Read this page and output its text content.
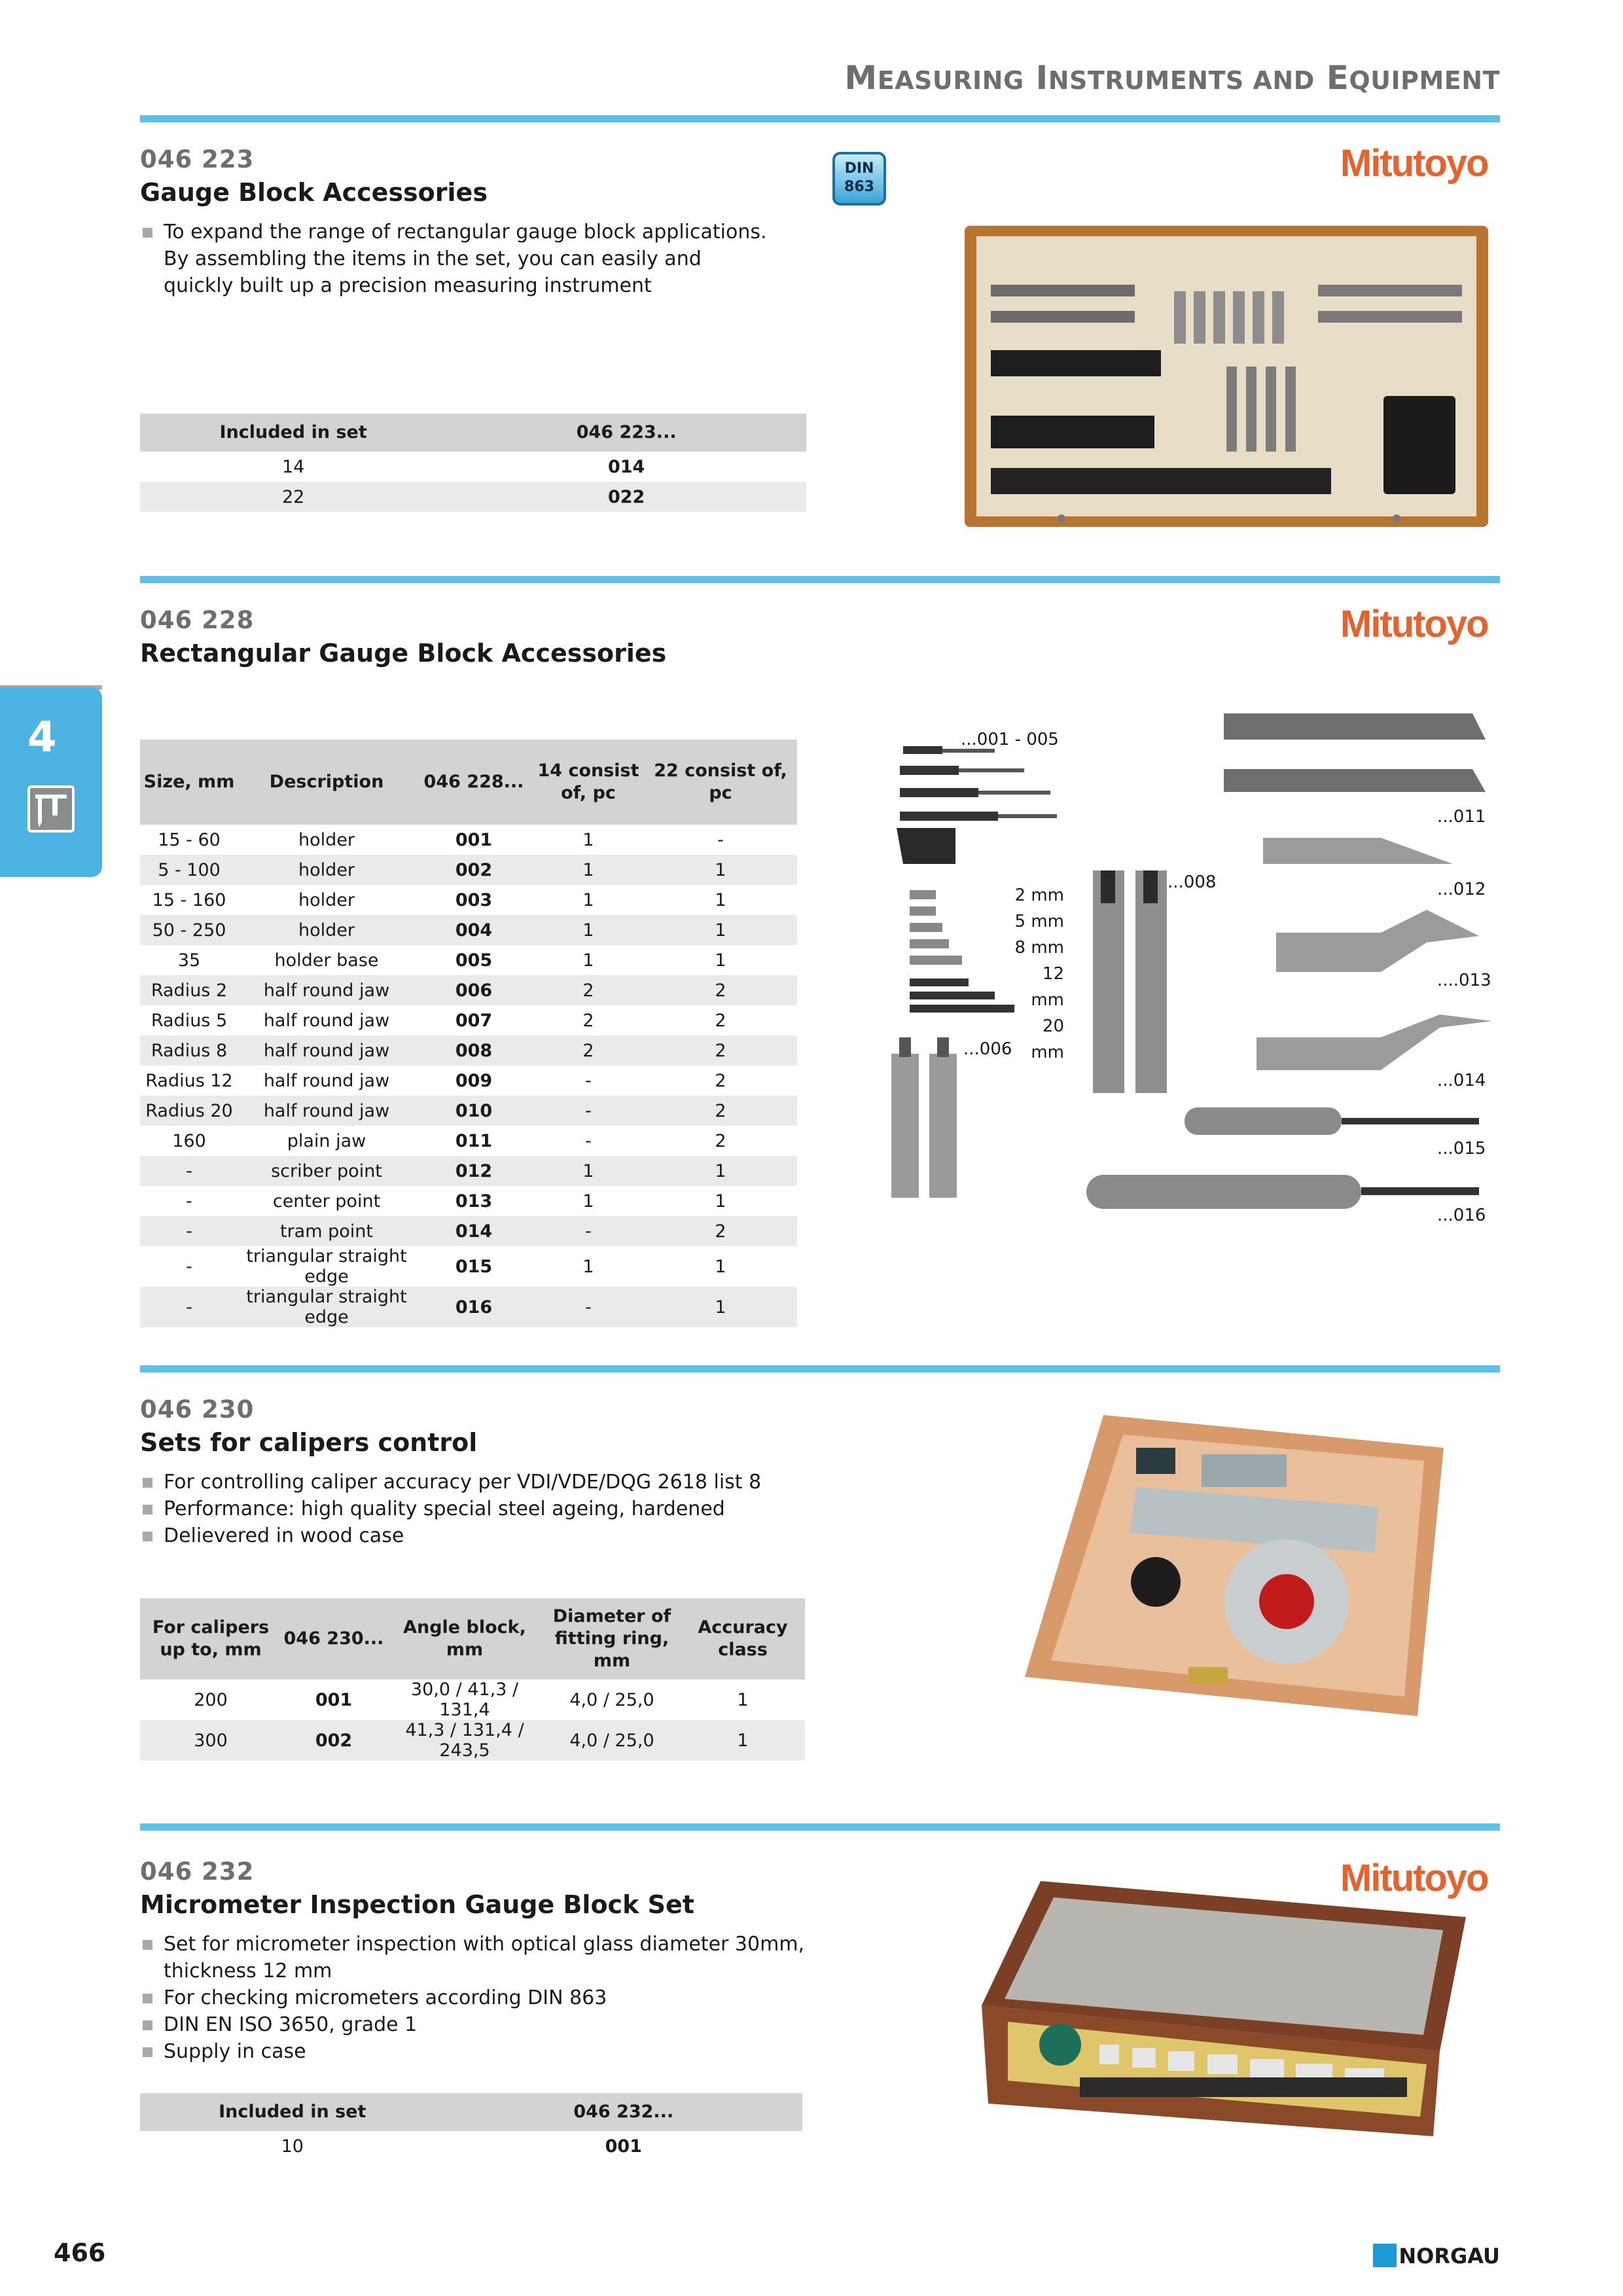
MEASURING INSTRUMENTS AND EQUIPMENT
4
046 223
Gauge Block Accessories
To expand the range of rectangular gauge block applications. By assembling the items in the set, you can easily and quickly built up a precision measuring instrument
DIN
863
Mitutoyo
Included in set	046 223...
14	014
22	022
046 228
Rectangular Gauge Block Accessories
Mitutoyo
Size, mm	Description	046 228...	14 consist of, pc	22 consist of, pc
15 - 60	holder	001	1	-
5 - 100	holder	002	1	1
15 - 160	holder	003	1	1
50 - 250	holder	004	1	1
35	holder base	005	1	1
Radius 2	half round jaw	006	2	2
Radius 5	half round jaw	007	2	2
Radius 8	half round jaw	008	2	2
Radius 12	half round jaw	009	-	2
Radius 20	half round jaw	010	-	2
160	plain jaw	011	-	2
-	scriber point	012	1	1
-	center point	013	1	1
-	tram point	014	-	2
-	triangular straight edge	015	1	1
-	triangular straight edge	016	-	1
...001 - 005
...006
...008
...011
...012
....013
...014
...015
...016
2 mm
5 mm
8 mm
12 mm
20 mm
046 230
Sets for calipers control
For controlling caliper accuracy per VDI/VDE/DQG 2618 list 8
Performance: high quality special steel ageing, hardened
Delievered in wood case
For calipers up to, mm	046 230...	Angle block, mm	Diameter of fitting ring, mm	Accuracy class
200	001	30,0 / 41,3 / 131,4	4,0 / 25,0	1
300	002	41,3 / 131,4 / 243,5	4,0 / 25,0	1
046 232
Micrometer Inspection Gauge Block Set
Set for micrometer inspection with optical glass diameter 30mm, thickness 12 mm
For checking micrometers according DIN 863
DIN EN ISO 3650, grade 1
Supply in case
Mitutoyo
Included in set	046 232...
10	001
466	NORGAU
